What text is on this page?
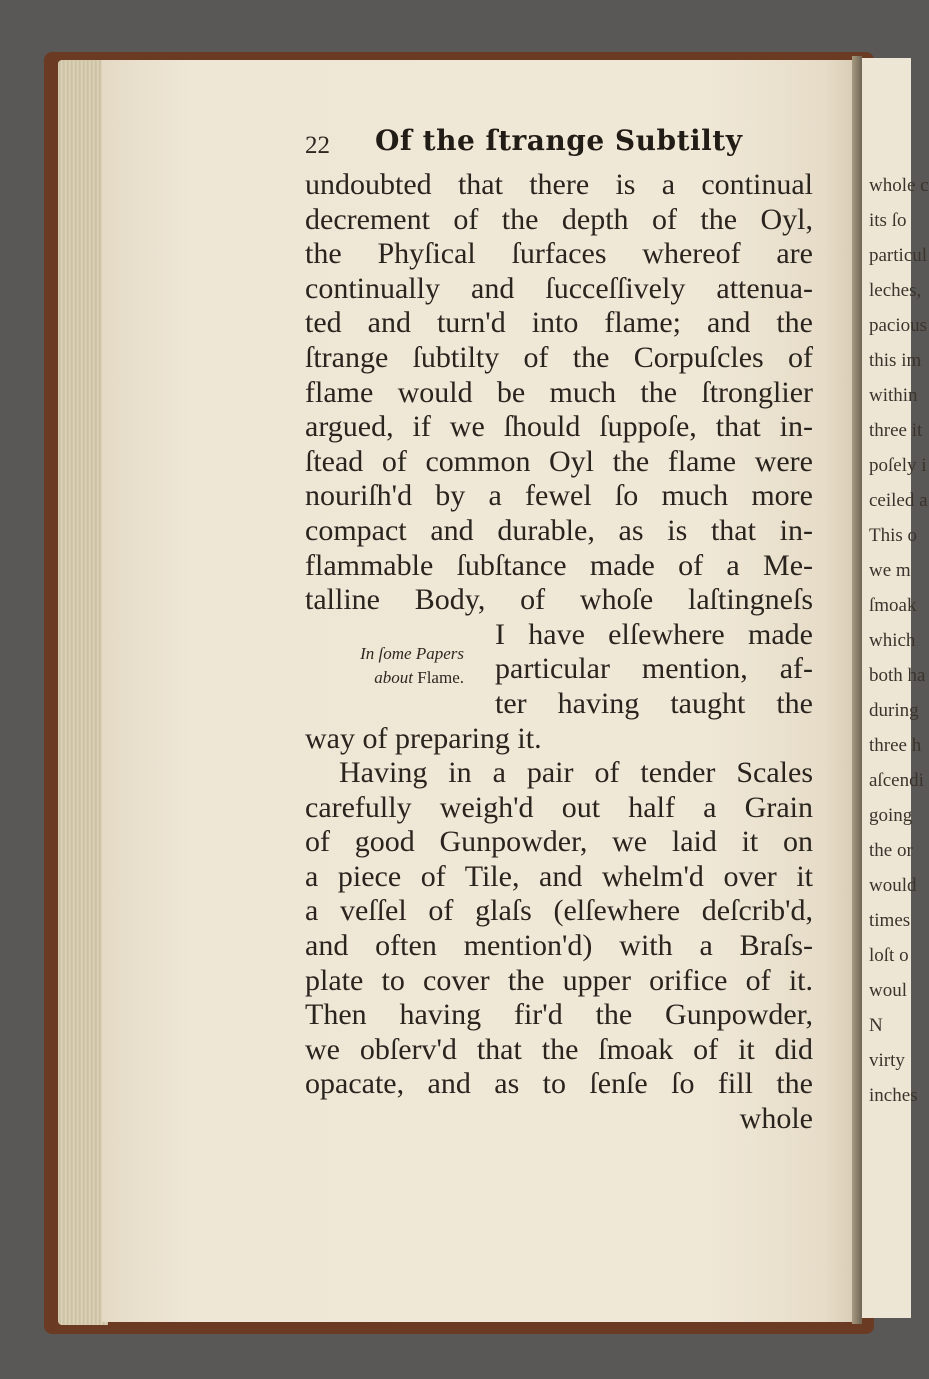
whole c
its ſo
particul
leches,
pacious
this im
within
three it
poſely i
ceiled a
This o
we m
ſmoak
which
both ha
during
three h
aſcendi
going
the or
would
times
loſt o
woul
N
virty
inches
22 Of the ſtrange Subtilty
undoubted that there is a continual
decrement of the depth of the Oyl,
the Phyſical ſurfaces whereof are
continually and ſucceſſively attenua-
ted and turn'd into flame; and the
ſtrange ſubtilty of the Corpuſcles of
flame would be much the ſtronglier
argued, if we ſhould ſuppoſe, that in-
ſtead of common Oyl the flame were
nouriſh'd by a fewel ſo much more
compact and durable, as is that in-
flammable ſubſtance made of a Me-
talline Body, of whoſe laſtingneſs
I have elſewhere made
particular mention, af-
ter having taught the
way of preparing it.
Having in a pair of tender Scales
carefully weigh'd out half a Grain
of good Gunpowder, we laid it on
a piece of Tile, and whelm'd over it
a veſſel of glaſs (elſewhere deſcrib'd,
and often mention'd) with a Braſs-
plate to cover the upper orifice of it.
Then having fir'd the Gunpowder,
we obſerv'd that the ſmoak of it did
opacate, and as to ſenſe ſo fill the
whole
In ſome Papers
about Flame.
